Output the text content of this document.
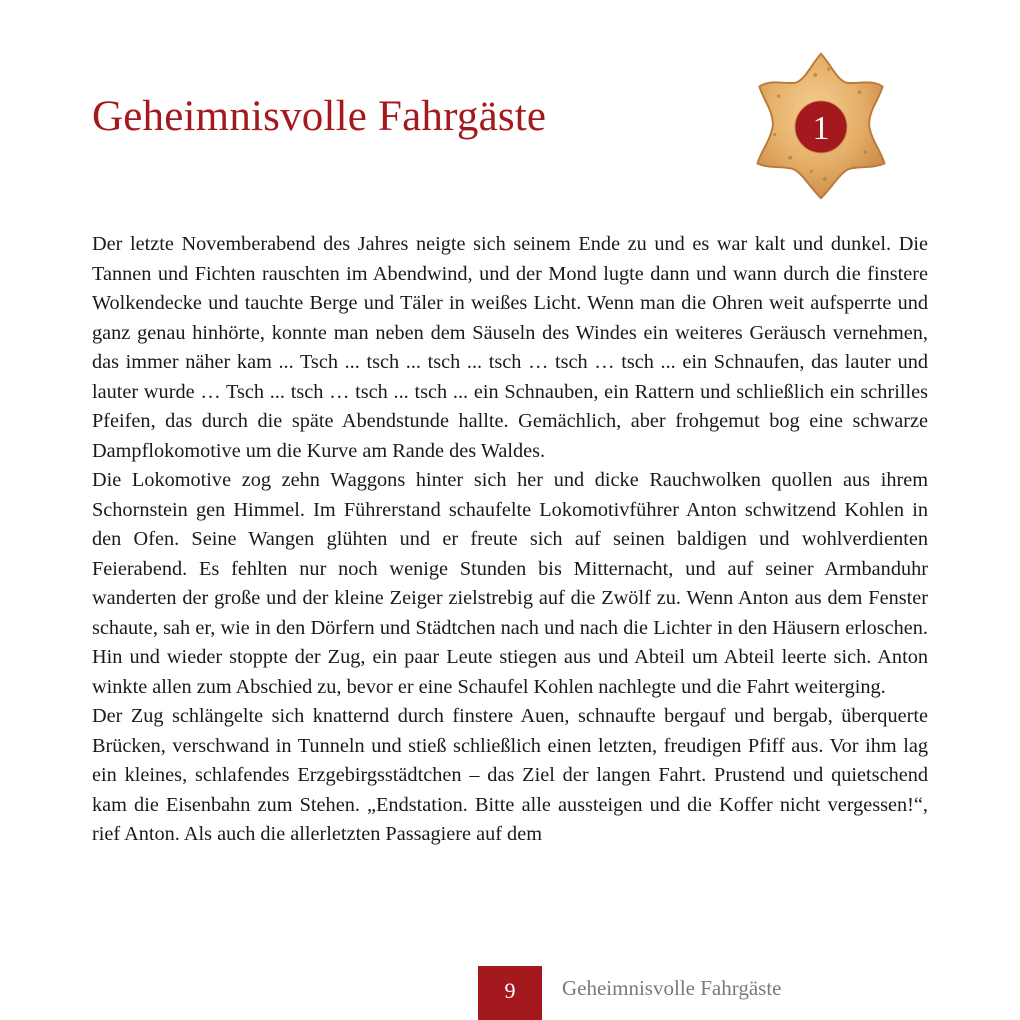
Geheimnisvolle Fahrgäste	1

Der letzte Novemberabend des Jahres neigte sich seinem Ende zu und es war kalt und dunkel. Die Tannen und Fichten rauschten im Abendwind, und der Mond lugte dann und wann durch die finstere Wolkendecke und tauchte Berge und Täler in weißes Licht. Wenn man die Ohren weit aufsperrte und ganz genau hinhörte, konnte man neben dem Säuseln des Windes ein weiteres Geräusch vernehmen, das immer näher kam ... Tsch ... tsch ... tsch ... tsch … tsch … tsch ... ein Schnaufen, das lauter und lauter wurde … Tsch ... tsch … tsch ... tsch ... ein Schnauben, ein Rattern und schließlich ein schrilles Pfeifen, das durch die späte Abendstunde hallte. Gemächlich, aber frohgemut bog eine schwarze Dampflokomotive um die Kurve am Rande des Waldes.

Die Lokomotive zog zehn Waggons hinter sich her und dicke Rauchwolken quollen aus ihrem Schornstein gen Himmel. Im Führerstand schaufelte Lokomotivführer Anton schwitzend Kohlen in den Ofen. Seine Wangen glühten und er freute sich auf seinen baldigen und wohlverdienten Feierabend. Es fehlten nur noch wenige Stunden bis Mitternacht, und auf seiner Armbanduhr wanderten der große und der kleine Zeiger zielstrebig auf die Zwölf zu. Wenn Anton aus dem Fenster schaute, sah er, wie in den Dörfern und Städtchen nach und nach die Lichter in den Häusern erloschen. Hin und wieder stoppte der Zug, ein paar Leute stiegen aus und Abteil um Abteil leerte sich. Anton winkte allen zum Abschied zu, bevor er eine Schaufel Kohlen nachlegte und die Fahrt weiterging.

Der Zug schlängelte sich knatternd durch finstere Auen, schnaufte bergauf und bergab, überquerte Brücken, verschwand in Tunneln und stieß schließlich einen letzten, freudigen Pfiff aus. Vor ihm lag ein kleines, schlafendes Erzgebirgsstädtchen – das Ziel der langen Fahrt. Prustend und quietschend kam die Eisenbahn zum Stehen. „Endstation. Bitte alle aussteigen und die Koffer nicht vergessen!“, rief Anton. Als auch die allerletzten Passagiere auf dem

9	Geheimnisvolle Fahrgäste
